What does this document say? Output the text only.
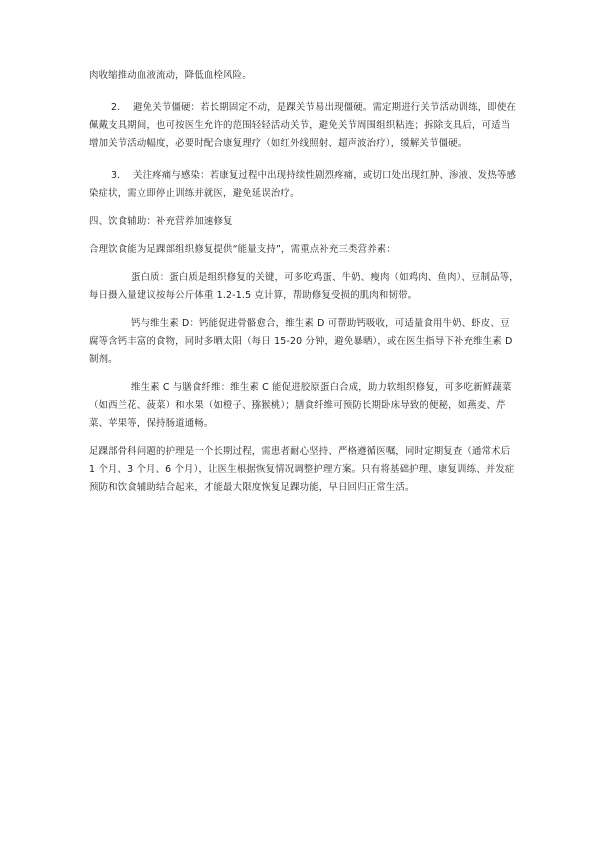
肉收缩推动血液流动，降低血栓风险。

2. 避免关节僵硬：若长期固定不动，是踝关节易出现僵硬。需定期进行关节活动训练，即使在佩戴支具期间，也可按医生允许的范围轻轻活动关节，避免关节周围组织粘连；拆除支具后，可适当增加关节活动幅度，必要时配合康复理疗（如红外线照射、超声波治疗），缓解关节僵硬。

3. 关注疼痛与感染：若康复过程中出现持续性剧烈疼痛，或切口处出现红肿、渗液、发热等感染症状，需立即停止训练并就医，避免延误治疗。

四、饮食辅助：补充营养加速修复

合理饮食能为足踝部组织修复提供“能量支持”，需重点补充三类营养素：

蛋白质：蛋白质是组织修复的关键，可多吃鸡蛋、牛奶、瘦肉（如鸡肉、鱼肉）、豆制品等，每日摄入量建议按每公斤体重 1.2-1.5 克计算，帮助修复受损的肌肉和韧带。

钙与维生素 D：钙能促进骨骼愈合，维生素 D 可帮助钙吸收，可适量食用牛奶、虾皮、豆腐等含钙丰富的食物，同时多晒太阳（每日 15-20 分钟，避免暴晒），或在医生指导下补充维生素 D 制剂。

维生素 C 与膳食纤维：维生素 C 能促进胶原蛋白合成，助力软组织修复，可多吃新鲜蔬菜（如西兰花、菠菜）和水果（如橙子、猕猴桃）；膳食纤维可预防长期卧床导致的便秘，如燕麦、芹菜、苹果等，保持肠道通畅。

足踝部骨科问题的护理是一个长期过程，需患者耐心坚持、严格遵循医嘱，同时定期复查（通常术后 1 个月、3 个月、6 个月），让医生根据恢复情况调整护理方案。只有将基础护理、康复训练、并发症预防和饮食辅助结合起来，才能最大限度恢复足踝功能，早日回归正常生活。
